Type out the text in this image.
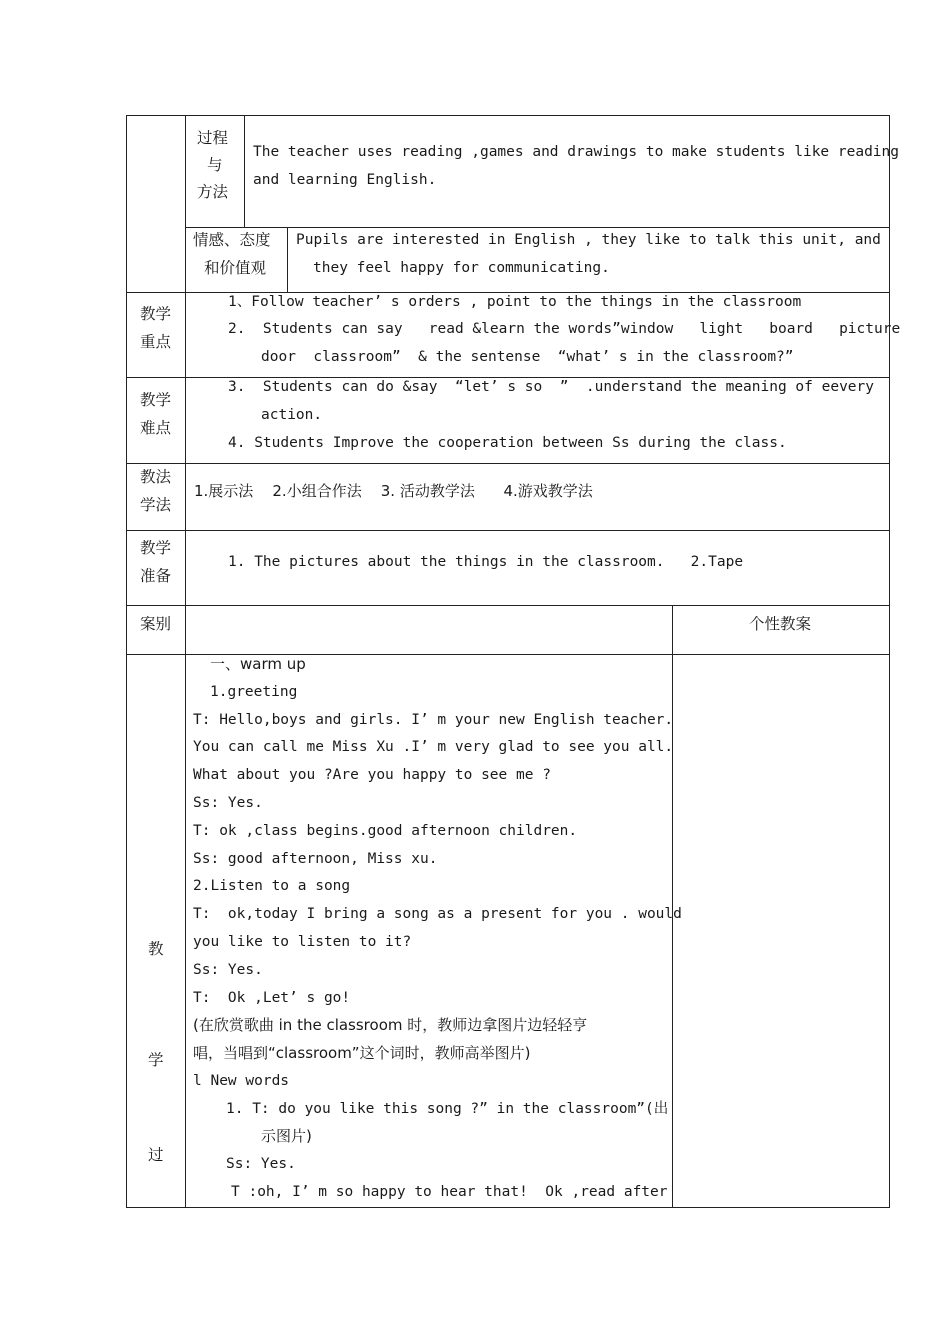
过程
与
方法
The teacher uses reading ,games and drawings to make students like reading
and learning English.
情感、态度
和价值观
Pupils are interested in English , they like to talk this unit, and
they feel happy for communicating.
教学
重点
1、Follow teacher’ s orders , point to the things in the classroom
2.  Students can say   read &learn the words”window   light   board   picture
door  classroom”  & the sentense  “what’ s in the classroom?”
教学
难点
3.  Students can do &say  “let’ s so  ”  .understand the meaning of eevery
action.
4. Students Improve the cooperation between Ss during the class.
教法
学法
1.展示法    2.小组合作法    3. 活动教学法      4.游戏教学法
教学
准备
1. The pictures about the things in the classroom.   2.Tape
案别	个性教案
教
学
过
一、warm up
1.greeting
T: Hello,boys and girls. I’ m your new English teacher.
You can call me Miss Xu .I’ m very glad to see you all.
What about you ?Are you happy to see me ?
Ss: Yes.
T: ok ,class begins.good afternoon children.
Ss: good afternoon, Miss xu.
2.Listen to a song
T:  ok,today I bring a song as a present for you . would
you like to listen to it?
Ss: Yes.
T:  Ok ,Let’ s go!
(在欣赏歌曲 in the classroom 时，教师边拿图片边轻轻亨
唱，当唱到“classroom”这个词时，教师高举图片)
l New words
1. T: do you like this song ?” in the classroom”(出
示图片)
Ss: Yes.
T :oh, I’ m so happy to hear that!  Ok ,read after
